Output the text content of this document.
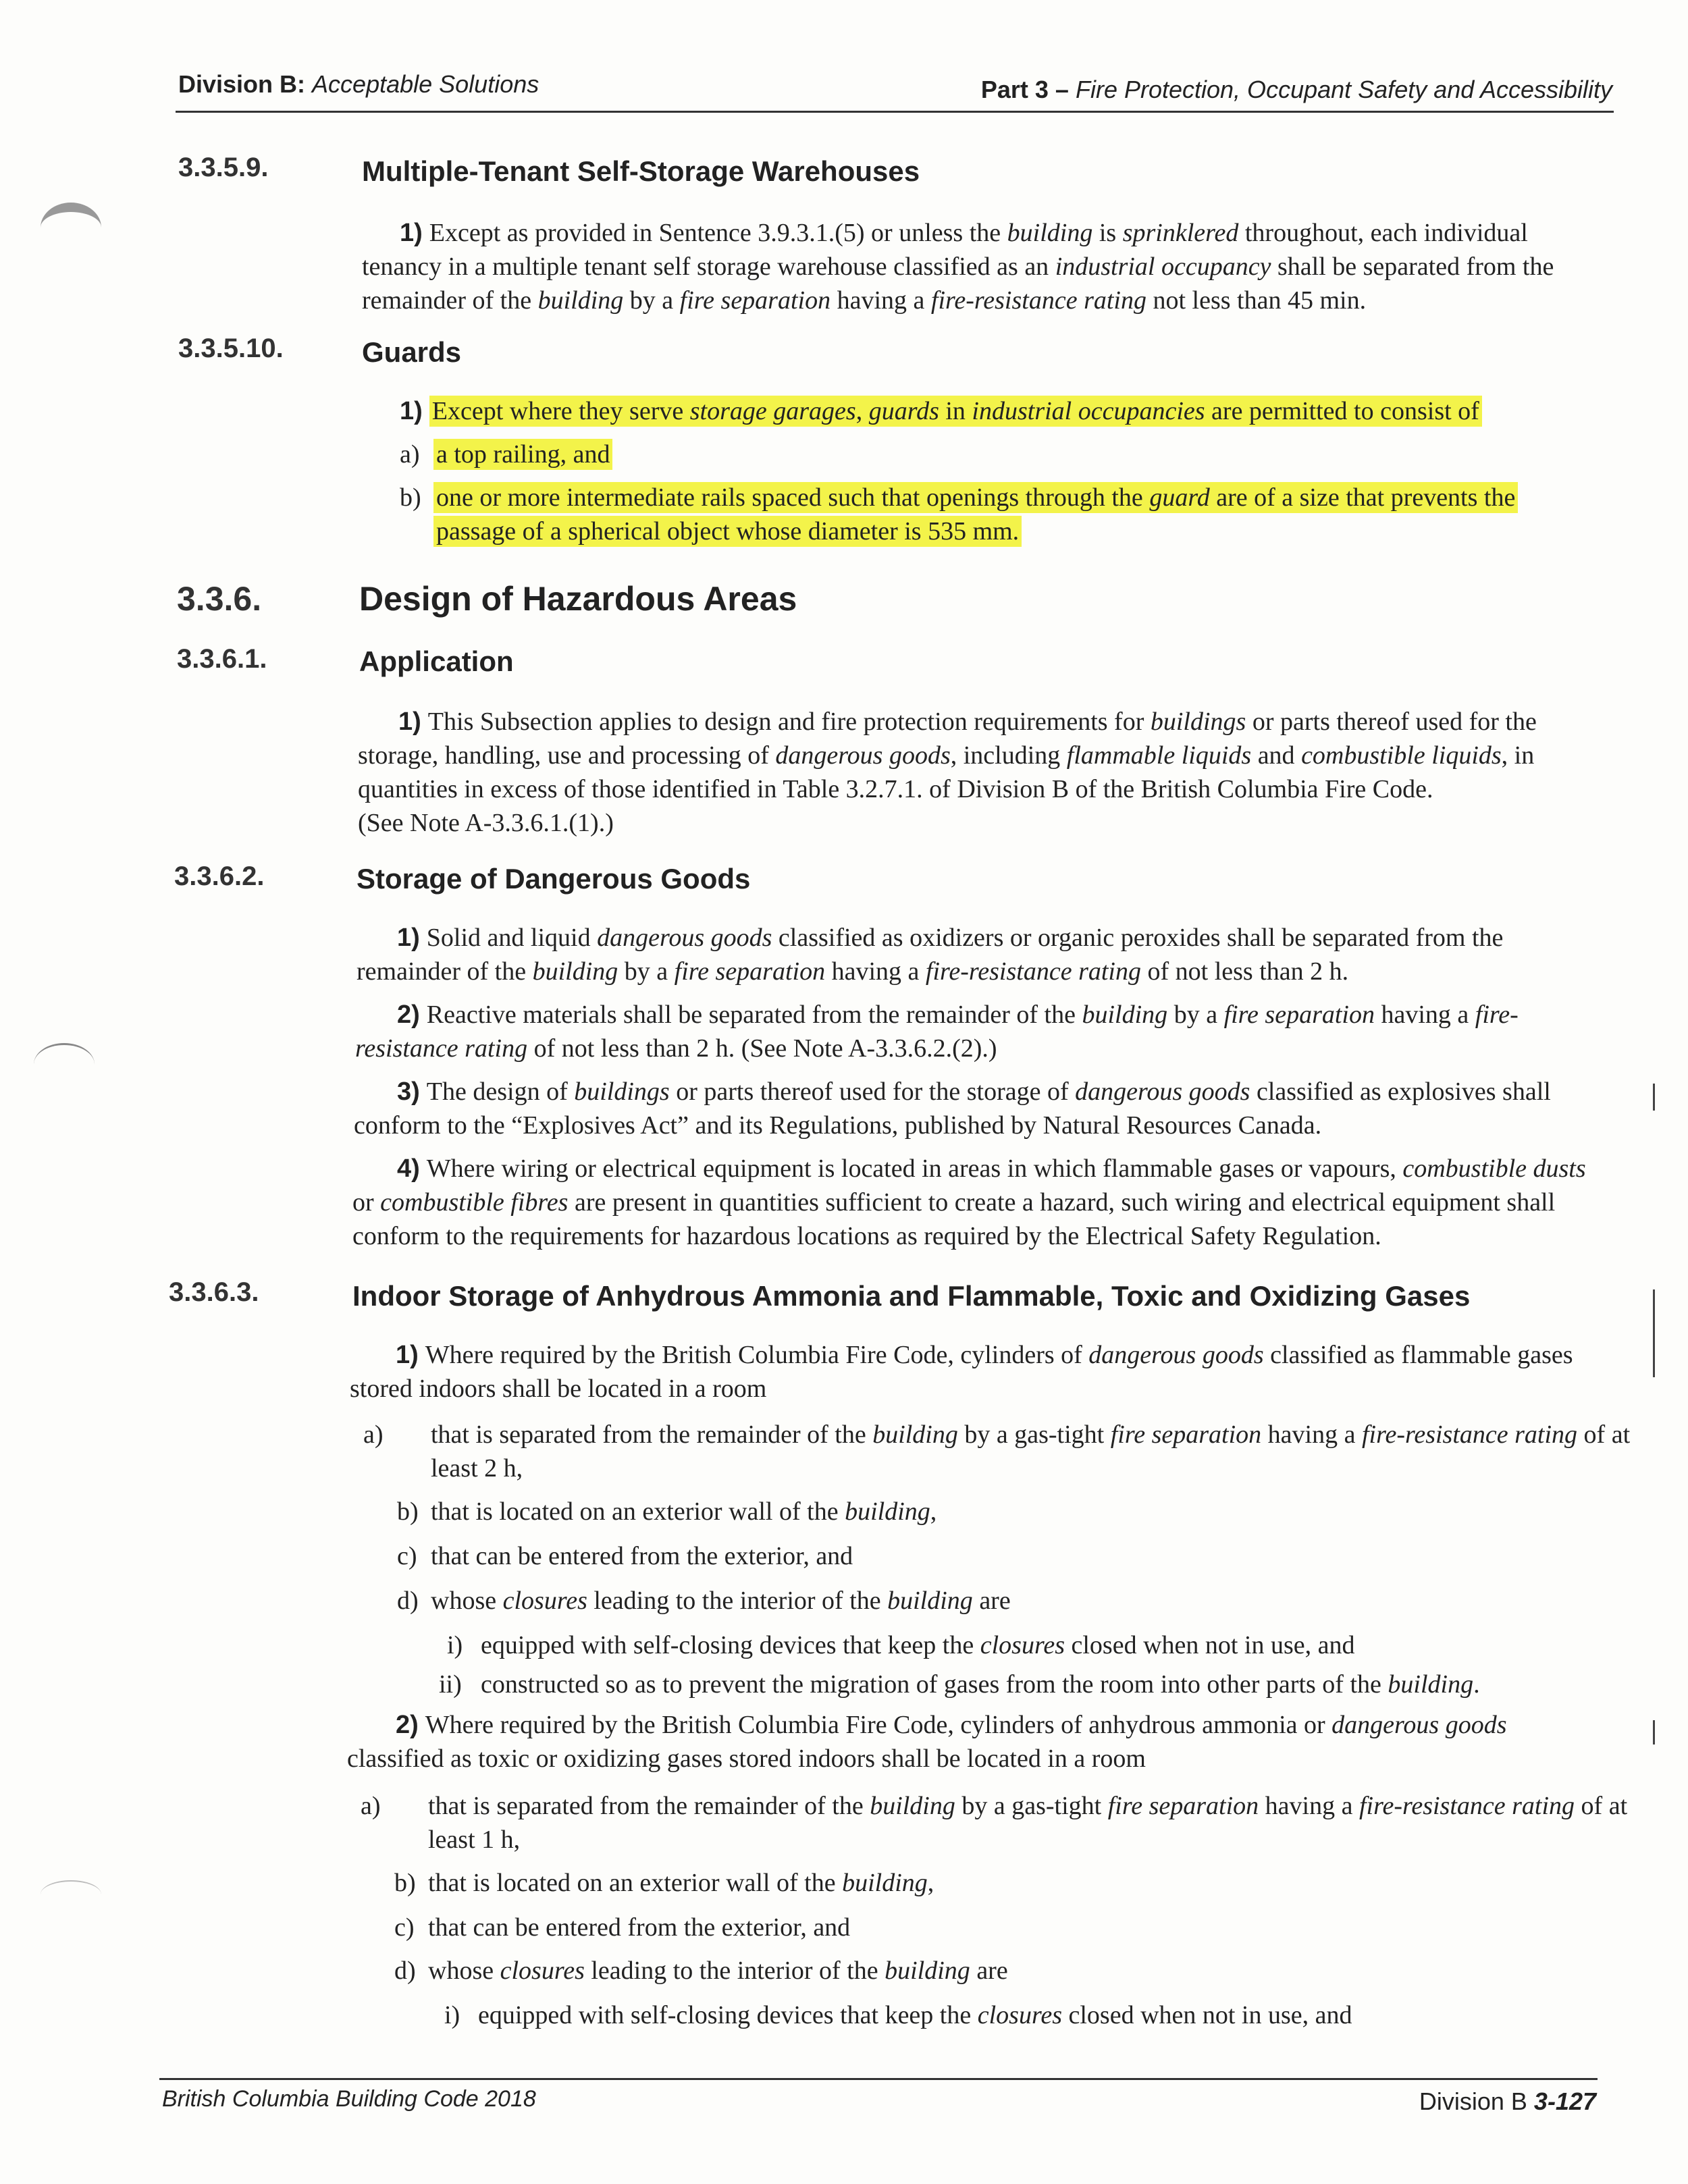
Division B: Acceptable Solutions	Part 3 – Fire Protection, Occupant Safety and Accessibility
3.3.5.9.	Multiple-Tenant Self-Storage Warehouses
1) Except as provided in Sentence 3.9.3.1.(5) or unless the building is sprinklered throughout, each individual tenancy in a multiple tenant self storage warehouse classified as an industrial occupancy shall be separated from the remainder of the building by a fire separation having a fire-resistance rating not less than 45 min.
3.3.5.10.	Guards
1) Except where they serve storage garages, guards in industrial occupancies are permitted to consist of
a) a top railing, and
b) one or more intermediate rails spaced such that openings through the guard are of a size that prevents the
passage of a spherical object whose diameter is 535 mm.
3.3.6.	Design of Hazardous Areas
3.3.6.1.	Application
1) This Subsection applies to design and fire protection requirements for buildings or parts thereof used for the storage, handling, use and processing of dangerous goods, including flammable liquids and combustible liquids, in quantities in excess of those identified in Table 3.2.7.1. of Division B of the British Columbia Fire Code.
(See Note A-3.3.6.1.(1).)
3.3.6.2.	Storage of Dangerous Goods
1) Solid and liquid dangerous goods classified as oxidizers or organic peroxides shall be separated from the remainder of the building by a fire separation having a fire-resistance rating of not less than 2 h.
2) Reactive materials shall be separated from the remainder of the building by a fire separation having a fire-resistance rating of not less than 2 h. (See Note A-3.3.6.2.(2).)
3) The design of buildings or parts thereof used for the storage of dangerous goods classified as explosives shall conform to the “Explosives Act” and its Regulations, published by Natural Resources Canada.
4) Where wiring or electrical equipment is located in areas in which flammable gases or vapours, combustible dusts or combustible fibres are present in quantities sufficient to create a hazard, such wiring and electrical equipment shall conform to the requirements for hazardous locations as required by the Electrical Safety Regulation.
3.3.6.3.	Indoor Storage of Anhydrous Ammonia and Flammable, Toxic and Oxidizing Gases
1) Where required by the British Columbia Fire Code, cylinders of dangerous goods classified as flammable gases stored indoors shall be located in a room
a) that is separated from the remainder of the building by a gas-tight fire separation having a fire-resistance rating of at least 2 h,
b) that is located on an exterior wall of the building,
c) that can be entered from the exterior, and
d) whose closures leading to the interior of the building are
i) equipped with self-closing devices that keep the closures closed when not in use, and
ii) constructed so as to prevent the migration of gases from the room into other parts of the building.
2) Where required by the British Columbia Fire Code, cylinders of anhydrous ammonia or dangerous goods classified as toxic or oxidizing gases stored indoors shall be located in a room
a) that is separated from the remainder of the building by a gas-tight fire separation having a fire-resistance rating of at least 1 h,
b) that is located on an exterior wall of the building,
c) that can be entered from the exterior, and
d) whose closures leading to the interior of the building are
i) equipped with self-closing devices that keep the closures closed when not in use, and
British Columbia Building Code 2018	Division B 3-127
